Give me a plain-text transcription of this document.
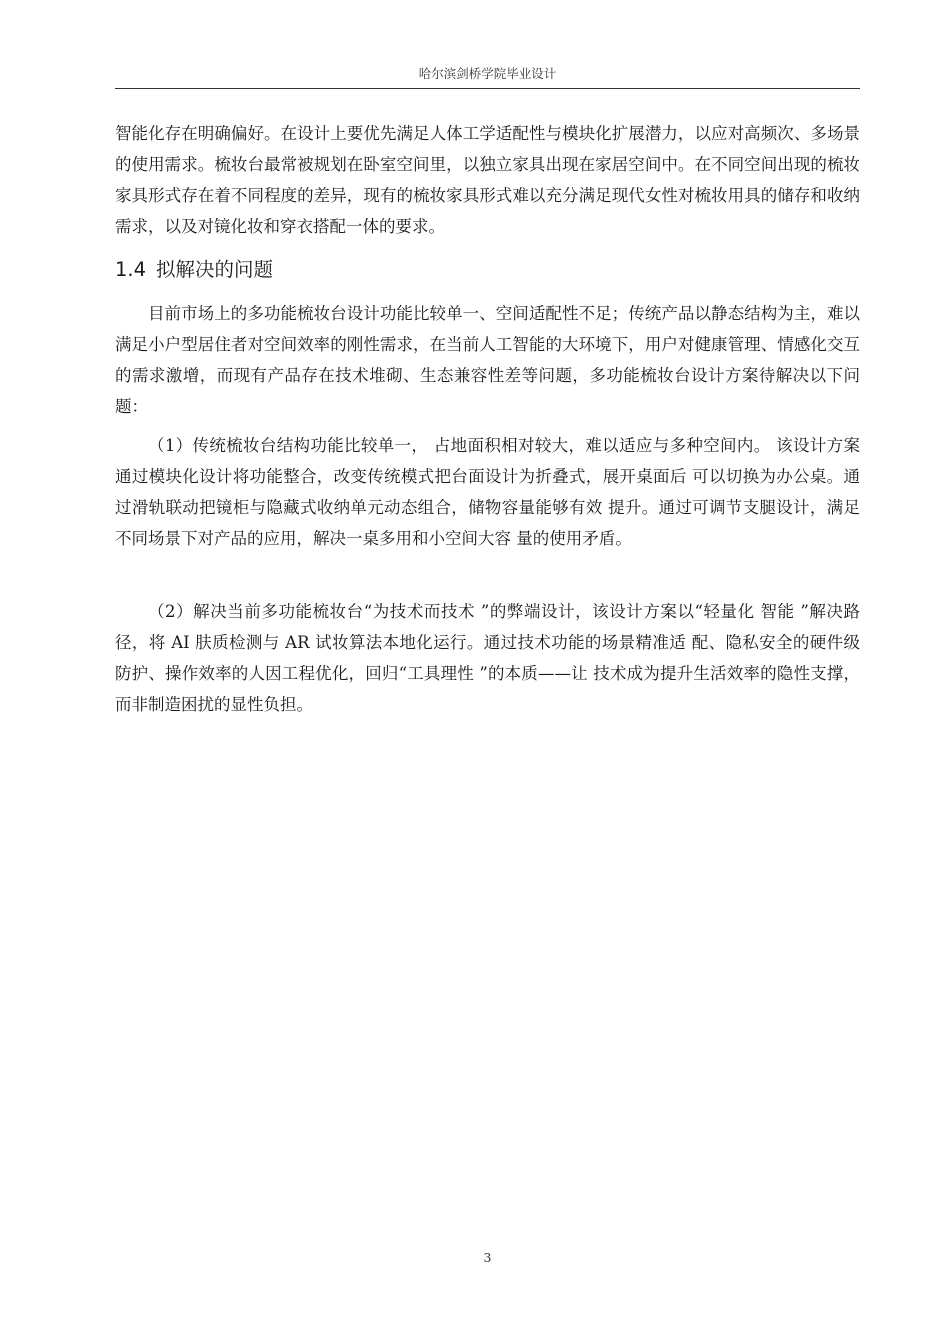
哈尔滨剑桥学院毕业设计

智能化存在明确偏好。在设计上要优先满足人体工学适配性与模块化扩展潜力，以应对高频次、多场景的使用需求。梳妆台最常被规划在卧室空间里，以独立家具出现在家居空间中。在不同空间出现的梳妆家具形式存在着不同程度的差异，现有的梳妆家具形式难以充分满足现代女性对梳妆用具的储存和收纳需求，以及对镜化妆和穿衣搭配一体的要求。

1.4 拟解决的问题

目前市场上的多功能梳妆台设计功能比较单一、空间适配性不足；传统产品以静态结构为主，难以满足小户型居住者对空间效率的刚性需求，在当前人工智能的大环境下，用户对健康管理、情感化交互的需求激增，而现有产品存在技术堆砌、生态兼容性差等问题，多功能梳妆台设计方案待解决以下问题：

（1）传统梳妆台结构功能比较单一， 占地面积相对较大，难以适应与多种空间内。 该设计方案通过模块化设计将功能整合，改变传统模式把台面设计为折叠式，展开桌面后 可以切换为办公桌。通过滑轨联动把镜柜与隐藏式收纳单元动态组合，储物容量能够有效 提升。通过可调节支腿设计，满足不同场景下对产品的应用，解决一桌多用和小空间大容 量的使用矛盾。

（2）解决当前多功能梳妆台“为技术而技术 ”的弊端设计，该设计方案以“轻量化 智能 ”解决路径，将 AI 肤质检测与 AR 试妆算法本地化运行。通过技术功能的场景精准适 配、隐私安全的硬件级防护、操作效率的人因工程优化，回归“工具理性 ”的本质——让 技术成为提升生活效率的隐性支撑，而非制造困扰的显性负担。

3
